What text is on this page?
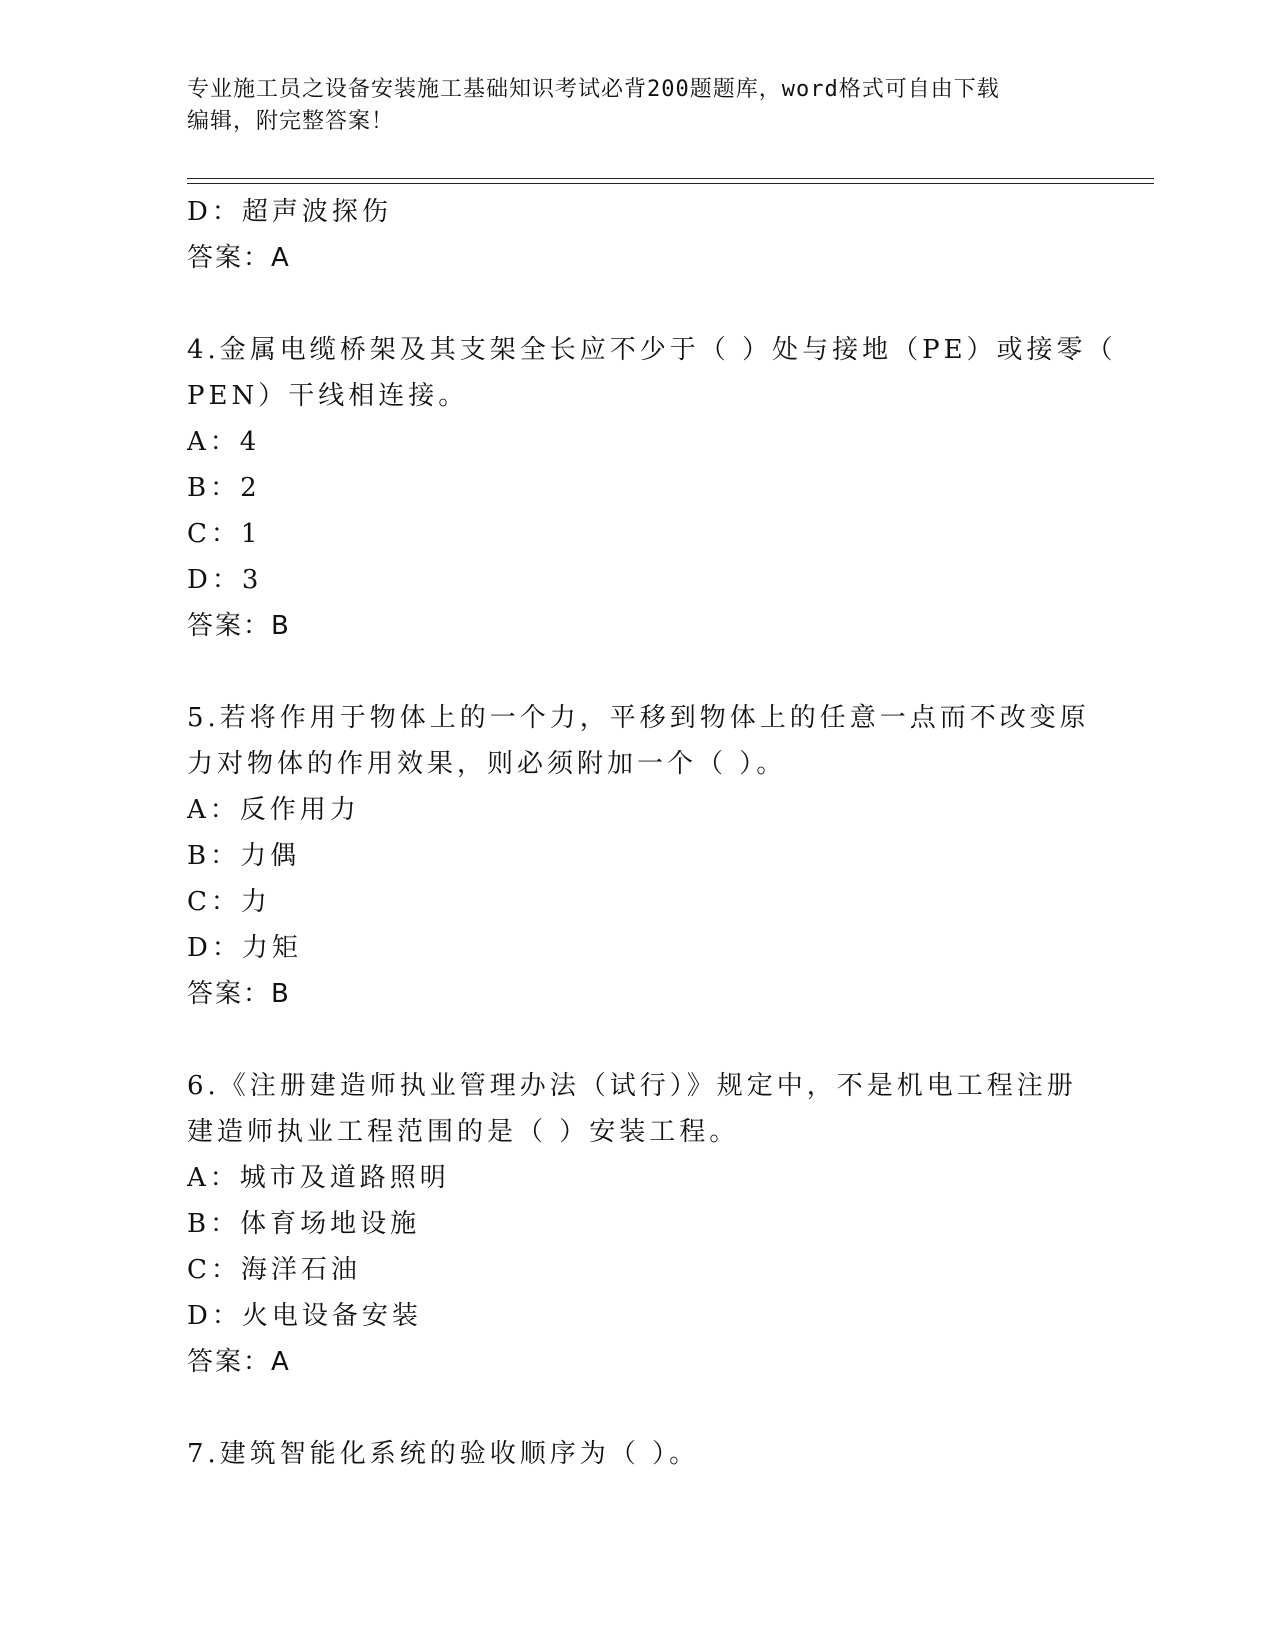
专业施工员之设备安装施工基础知识考试必背200题题库，word格式可自由下载
编辑，附完整答案！
D：超声波探伤
答案：A
4.金属电缆桥架及其支架全长应不少于（ ）处与接地（PE）或接零（
PEN）干线相连接。
A：4
B：2
C：1
D：3
答案：B
5.若将作用于物体上的一个力，平移到物体上的任意一点而不改变原
力对物体的作用效果，则必须附加一个（ ）。
A：反作用力
B：力偶
C：力
D：力矩
答案：B
6.《注册建造师执业管理办法（试行）》规定中，不是机电工程注册
建造师执业工程范围的是（ ）安装工程。
A：城市及道路照明
B：体育场地设施
C：海洋石油
D：火电设备安装
答案：A
7.建筑智能化系统的验收顺序为（ ）。
